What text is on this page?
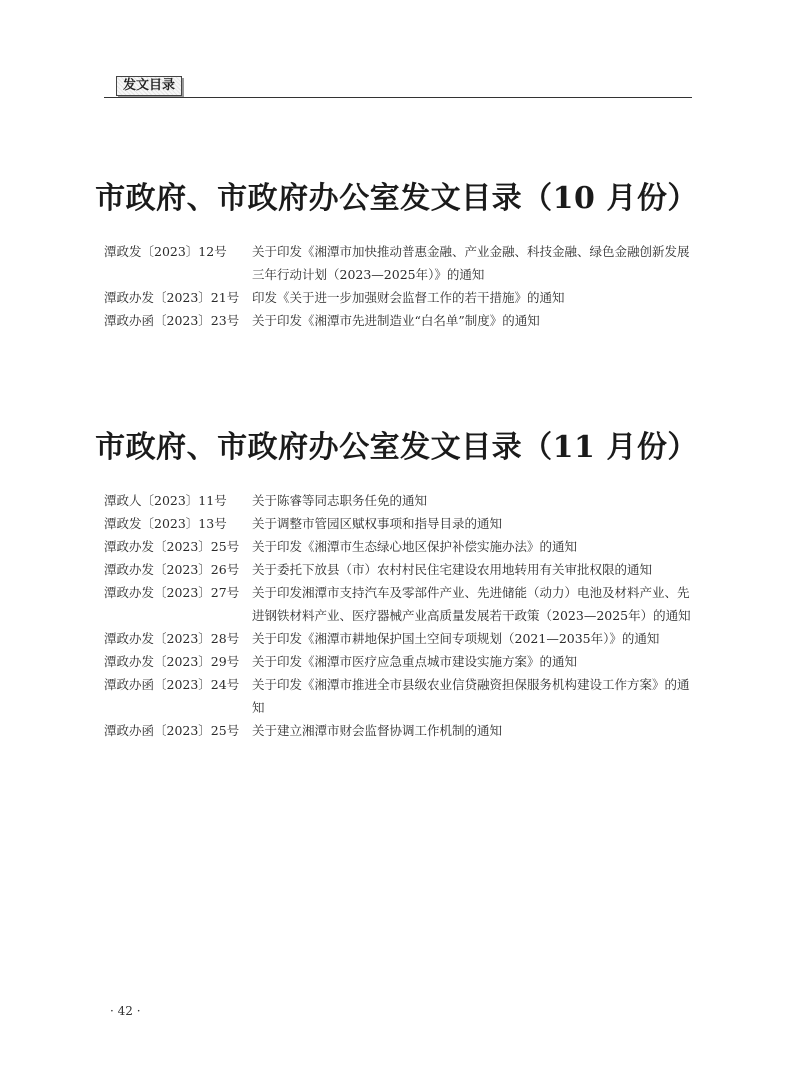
发文目录
市政府、市政府办公室发文目录（10 月份）
潭政发〔2023〕12号	关于印发《湘潭市加快推动普惠金融、产业金融、科技金融、绿色金融创新发展三年行动计划（2023—2025年）》的通知
潭政办发〔2023〕21号	印发《关于进一步加强财会监督工作的若干措施》的通知
潭政办函〔2023〕23号	关于印发《湘潭市先进制造业“白名单”制度》的通知
市政府、市政府办公室发文目录（11 月份）
潭政人〔2023〕11号	关于陈睿等同志职务任免的通知
潭政发〔2023〕13号	关于调整市管园区赋权事项和指导目录的通知
潭政办发〔2023〕25号	关于印发《湘潭市生态绿心地区保护补偿实施办法》的通知
潭政办发〔2023〕26号	关于委托下放县（市）农村村民住宅建设农用地转用有关审批权限的通知
潭政办发〔2023〕27号	关于印发湘潭市支持汽车及零部件产业、先进储能（动力）电池及材料产业、先进钢铁材料产业、医疗器械产业高质量发展若干政策（2023—2025年）的通知
潭政办发〔2023〕28号	关于印发《湘潭市耕地保护国土空间专项规划（2021—2035年）》的通知
潭政办发〔2023〕29号	关于印发《湘潭市医疗应急重点城市建设实施方案》的通知
潭政办函〔2023〕24号	关于印发《湘潭市推进全市县级农业信贷融资担保服务机构建设工作方案》的通知
潭政办函〔2023〕25号	关于建立湘潭市财会监督协调工作机制的通知
· 42 ·
